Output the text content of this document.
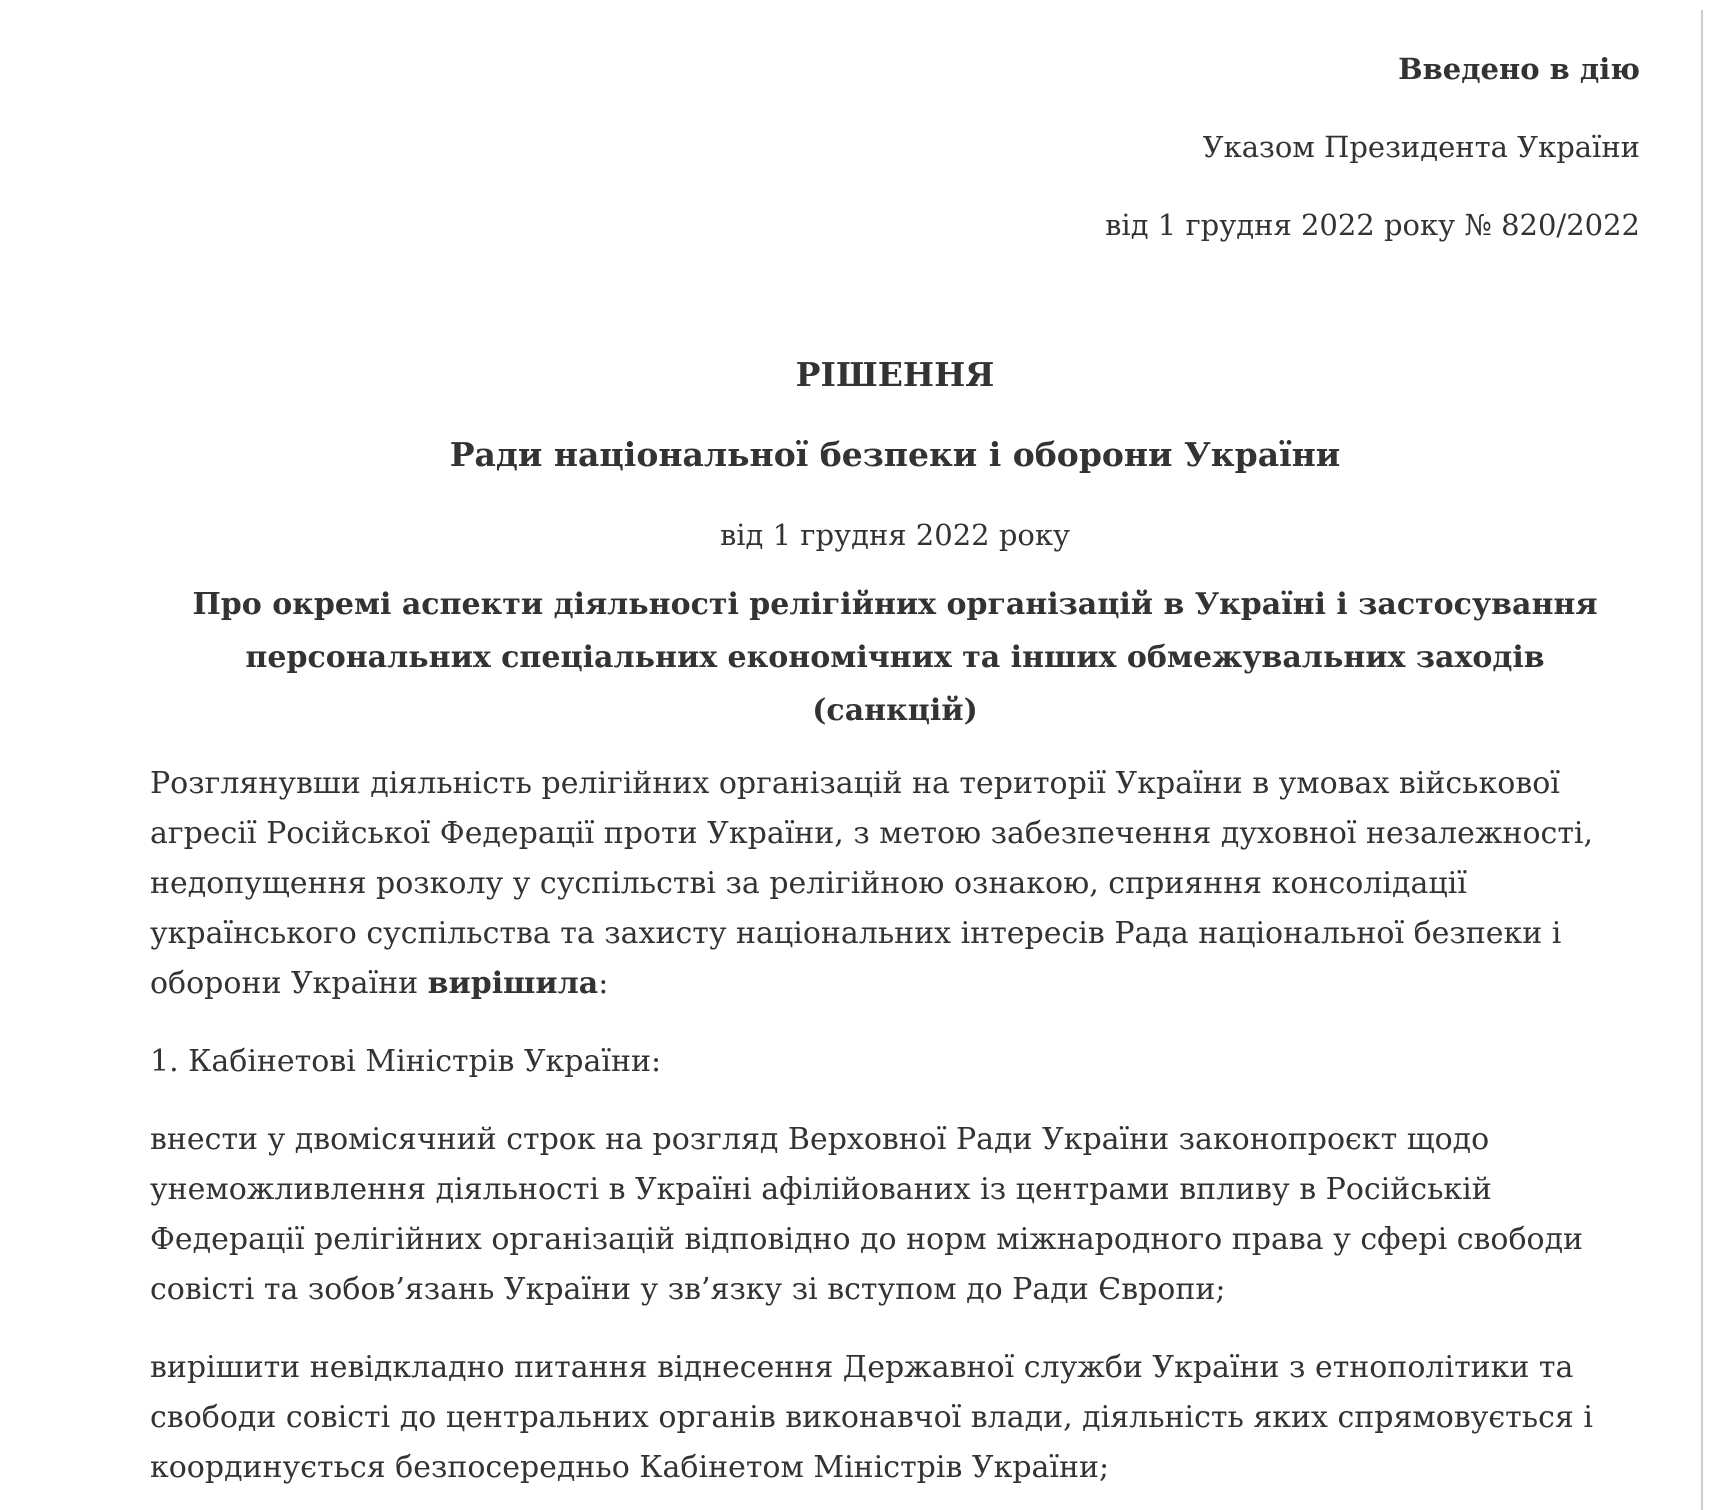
Введено в дію

Указом Президента України

від 1 грудня 2022 року № 820/2022

РІШЕННЯ
Ради національної безпеки і оборони України
від 1 грудня 2022 року
Про окремі аспекти діяльності релігійних організацій в Україні і застосування
персональних спеціальних економічних та інших обмежувальних заходів
(санкцій)
Розглянувши діяльність релігійних організацій на території України в умовах військової
агресії Російської Федерації проти України, з метою забезпечення духовної незалежності,
недопущення розколу у суспільстві за релігійною ознакою, сприяння консолідації
українського суспільства та захисту національних інтересів Рада національної безпеки і
оборони України вирішила:
1. Кабінетові Міністрів України:
внести у двомісячний строк на розгляд Верховної Ради України законопроєкт щодо
унеможливлення діяльності в Україні афілійованих із центрами впливу в Російській
Федерації релігійних організацій відповідно до норм міжнародного права у сфері свободи
совісті та зобов’язань України у зв’язку зі вступом до Ради Європи;
вирішити невідкладно питання віднесення Державної служби України з етнополітики та
свободи совісті до центральних органів виконавчої влади, діяльність яких спрямовується і
координується безпосередньо Кабінетом Міністрів України;
